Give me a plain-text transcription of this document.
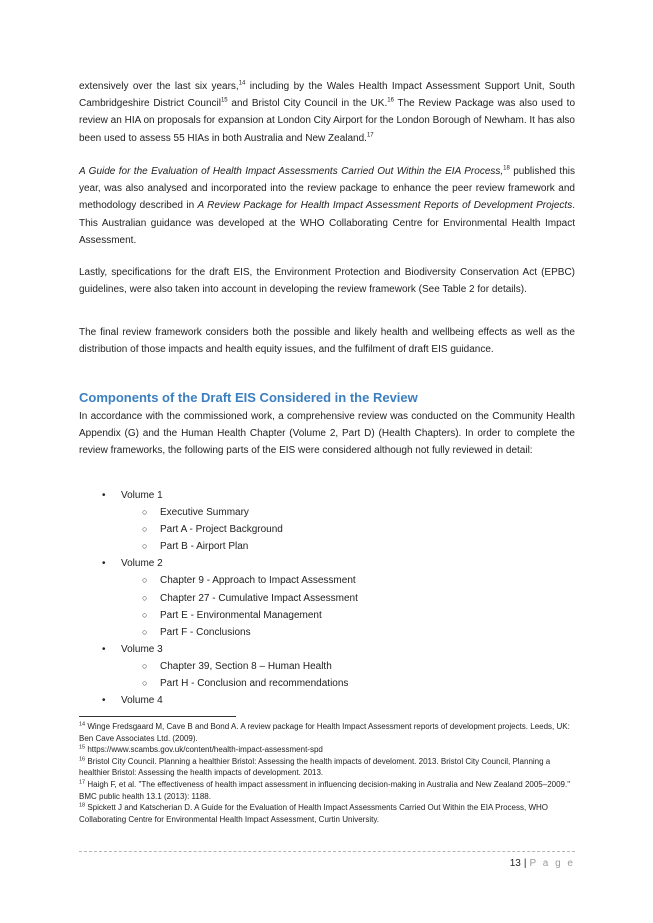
extensively over the last six years,$^{14}$ including by the Wales Health Impact Assessment Support Unit, South Cambridgeshire District Council$^{15}$ and Bristol City Council in the UK.$^{16}$ The Review Package was also used to review an HIA on proposals for expansion at London City Airport for the London Borough of Newham. It has also been used to assess 55 HIAs in both Australia and New Zealand.$^{17}$

A Guide for the Evaluation of Health Impact Assessments Carried Out Within the EIA Process,$^{18}$ published this year, was also analysed and incorporated into the review package to enhance the peer review framework and methodology described in A Review Package for Health Impact Assessment Reports of Development Projects. This Australian guidance was developed at the WHO Collaborating Centre for Environmental Health Impact Assessment.

Lastly, specifications for the draft EIS, the Environment Protection and Biodiversity Conservation Act (EPBC) guidelines, were also taken into account in developing the review framework (See Table 2 for details).

The final review framework considers both the possible and likely health and wellbeing effects as well as the distribution of those impacts and health equity issues, and the fulfilment of draft EIS guidance.

Components of the Draft EIS Considered in the Review

In accordance with the commissioned work, a comprehensive review was conducted on the Community Health Appendix (G) and the Human Health Chapter (Volume 2, Part D) (Health Chapters). In order to complete the review frameworks, the following parts of the EIS were considered although not fully reviewed in detail:

• Volume 1
○ Executive Summary
○ Part A - Project Background
○ Part B - Airport Plan
• Volume 2
○ Chapter 9 - Approach to Impact Assessment
○ Chapter 27 - Cumulative Impact Assessment
○ Part E - Environmental Management
○ Part F - Conclusions
• Volume 3
○ Chapter 39, Section 8 – Human Health
○ Part H - Conclusion and recommendations
• Volume 4
$^{14}$ Winge Fredsgaard M, Cave B and Bond A. A review package for Health Impact Assessment reports of development projects. Leeds, UK: Ben Cave Associates Ltd. (2009).
$^{15}$ https://www.scambs.gov.uk/content/health-impact-assessment-spd
$^{16}$ Bristol City Council. Planning a healthier Bristol: Assessing the health impacts of develoment. 2013. Bristol City Council, Planning a healthier Bristol: Assessing the health impacts of development. 2013.
$^{17}$ Haigh F, et al. "The effectiveness of health impact assessment in influencing decision-making in Australia and New Zealand 2005–2009." BMC public health 13.1 (2013): 1188.
$^{18}$ Spickett J and Katscherian D. A Guide for the Evaluation of Health Impact Assessments Carried Out Within the EIA Process, WHO Collaborating Centre for Environmental Health Impact Assessment, Curtin University.
13 | P a g e
